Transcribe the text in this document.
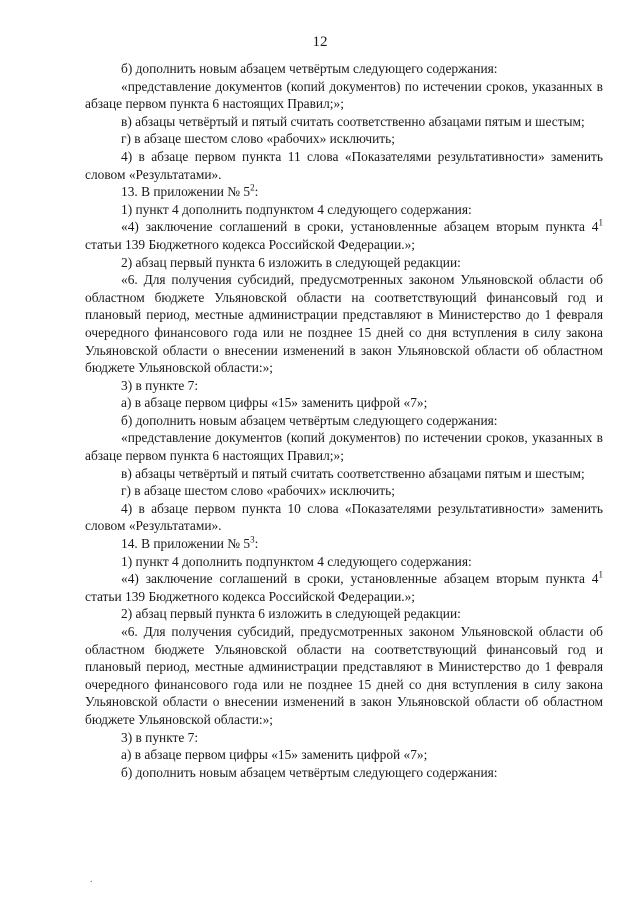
12

б) дополнить новым абзацем четвёртым следующего содержания:

«представление документов (копий документов) по истечении сроков, указанных в абзаце первом пункта 6 настоящих Правил;»;

в) абзацы четвёртый и пятый считать соответственно абзацами пятым и шестым;

г) в абзаце шестом слово «рабочих» исключить;

4) в абзаце первом пункта 11 слова «Показателями результативности» заменить словом «Результатами».

13. В приложении № $5^2$:

1) пункт 4 дополнить подпунктом 4 следующего содержания:

«4) заключение соглашений в сроки, установленные абзацем вторым пункта $4^1$ статьи 139 Бюджетного кодекса Российской Федерации.»;

2) абзац первый пункта 6 изложить в следующей редакции:

«6. Для получения субсидий, предусмотренных законом Ульяновской области об областном бюджете Ульяновской области на соответствующий финансовый год и плановый период, местные администрации представляют в Министерство до 1 февраля очередного финансового года или не позднее 15 дней со дня вступления в силу закона Ульяновской области о внесении изменений в закон Ульяновской области об областном бюджете Ульяновской области:»;

3) в пункте 7:

а) в абзаце первом цифры «15» заменить цифрой «7»;

б) дополнить новым абзацем четвёртым следующего содержания:

«представление документов (копий документов) по истечении сроков, указанных в абзаце первом пункта 6 настоящих Правил;»;

в) абзацы четвёртый и пятый считать соответственно абзацами пятым и шестым;

г) в абзаце шестом слово «рабочих» исключить;

4) в абзаце первом пункта 10 слова «Показателями результативности» заменить словом «Результатами».

14. В приложении № $5^3$:

1) пункт 4 дополнить подпунктом 4 следующего содержания:

«4) заключение соглашений в сроки, установленные абзацем вторым пункта $4^1$ статьи 139 Бюджетного кодекса Российской Федерации.»;

2) абзац первый пункта 6 изложить в следующей редакции:

«6. Для получения субсидий, предусмотренных законом Ульяновской области об областном бюджете Ульяновской области на соответствующий финансовый год и плановый период, местные администрации представляют в Министерство до 1 февраля очередного финансового года или не позднее 15 дней со дня вступления в силу закона Ульяновской области о внесении изменений в закон Ульяновской области об областном бюджете Ульяновской области:»;

3) в пункте 7:

а) в абзаце первом цифры «15» заменить цифрой «7»;

б) дополнить новым абзацем четвёртым следующего содержания:

.
